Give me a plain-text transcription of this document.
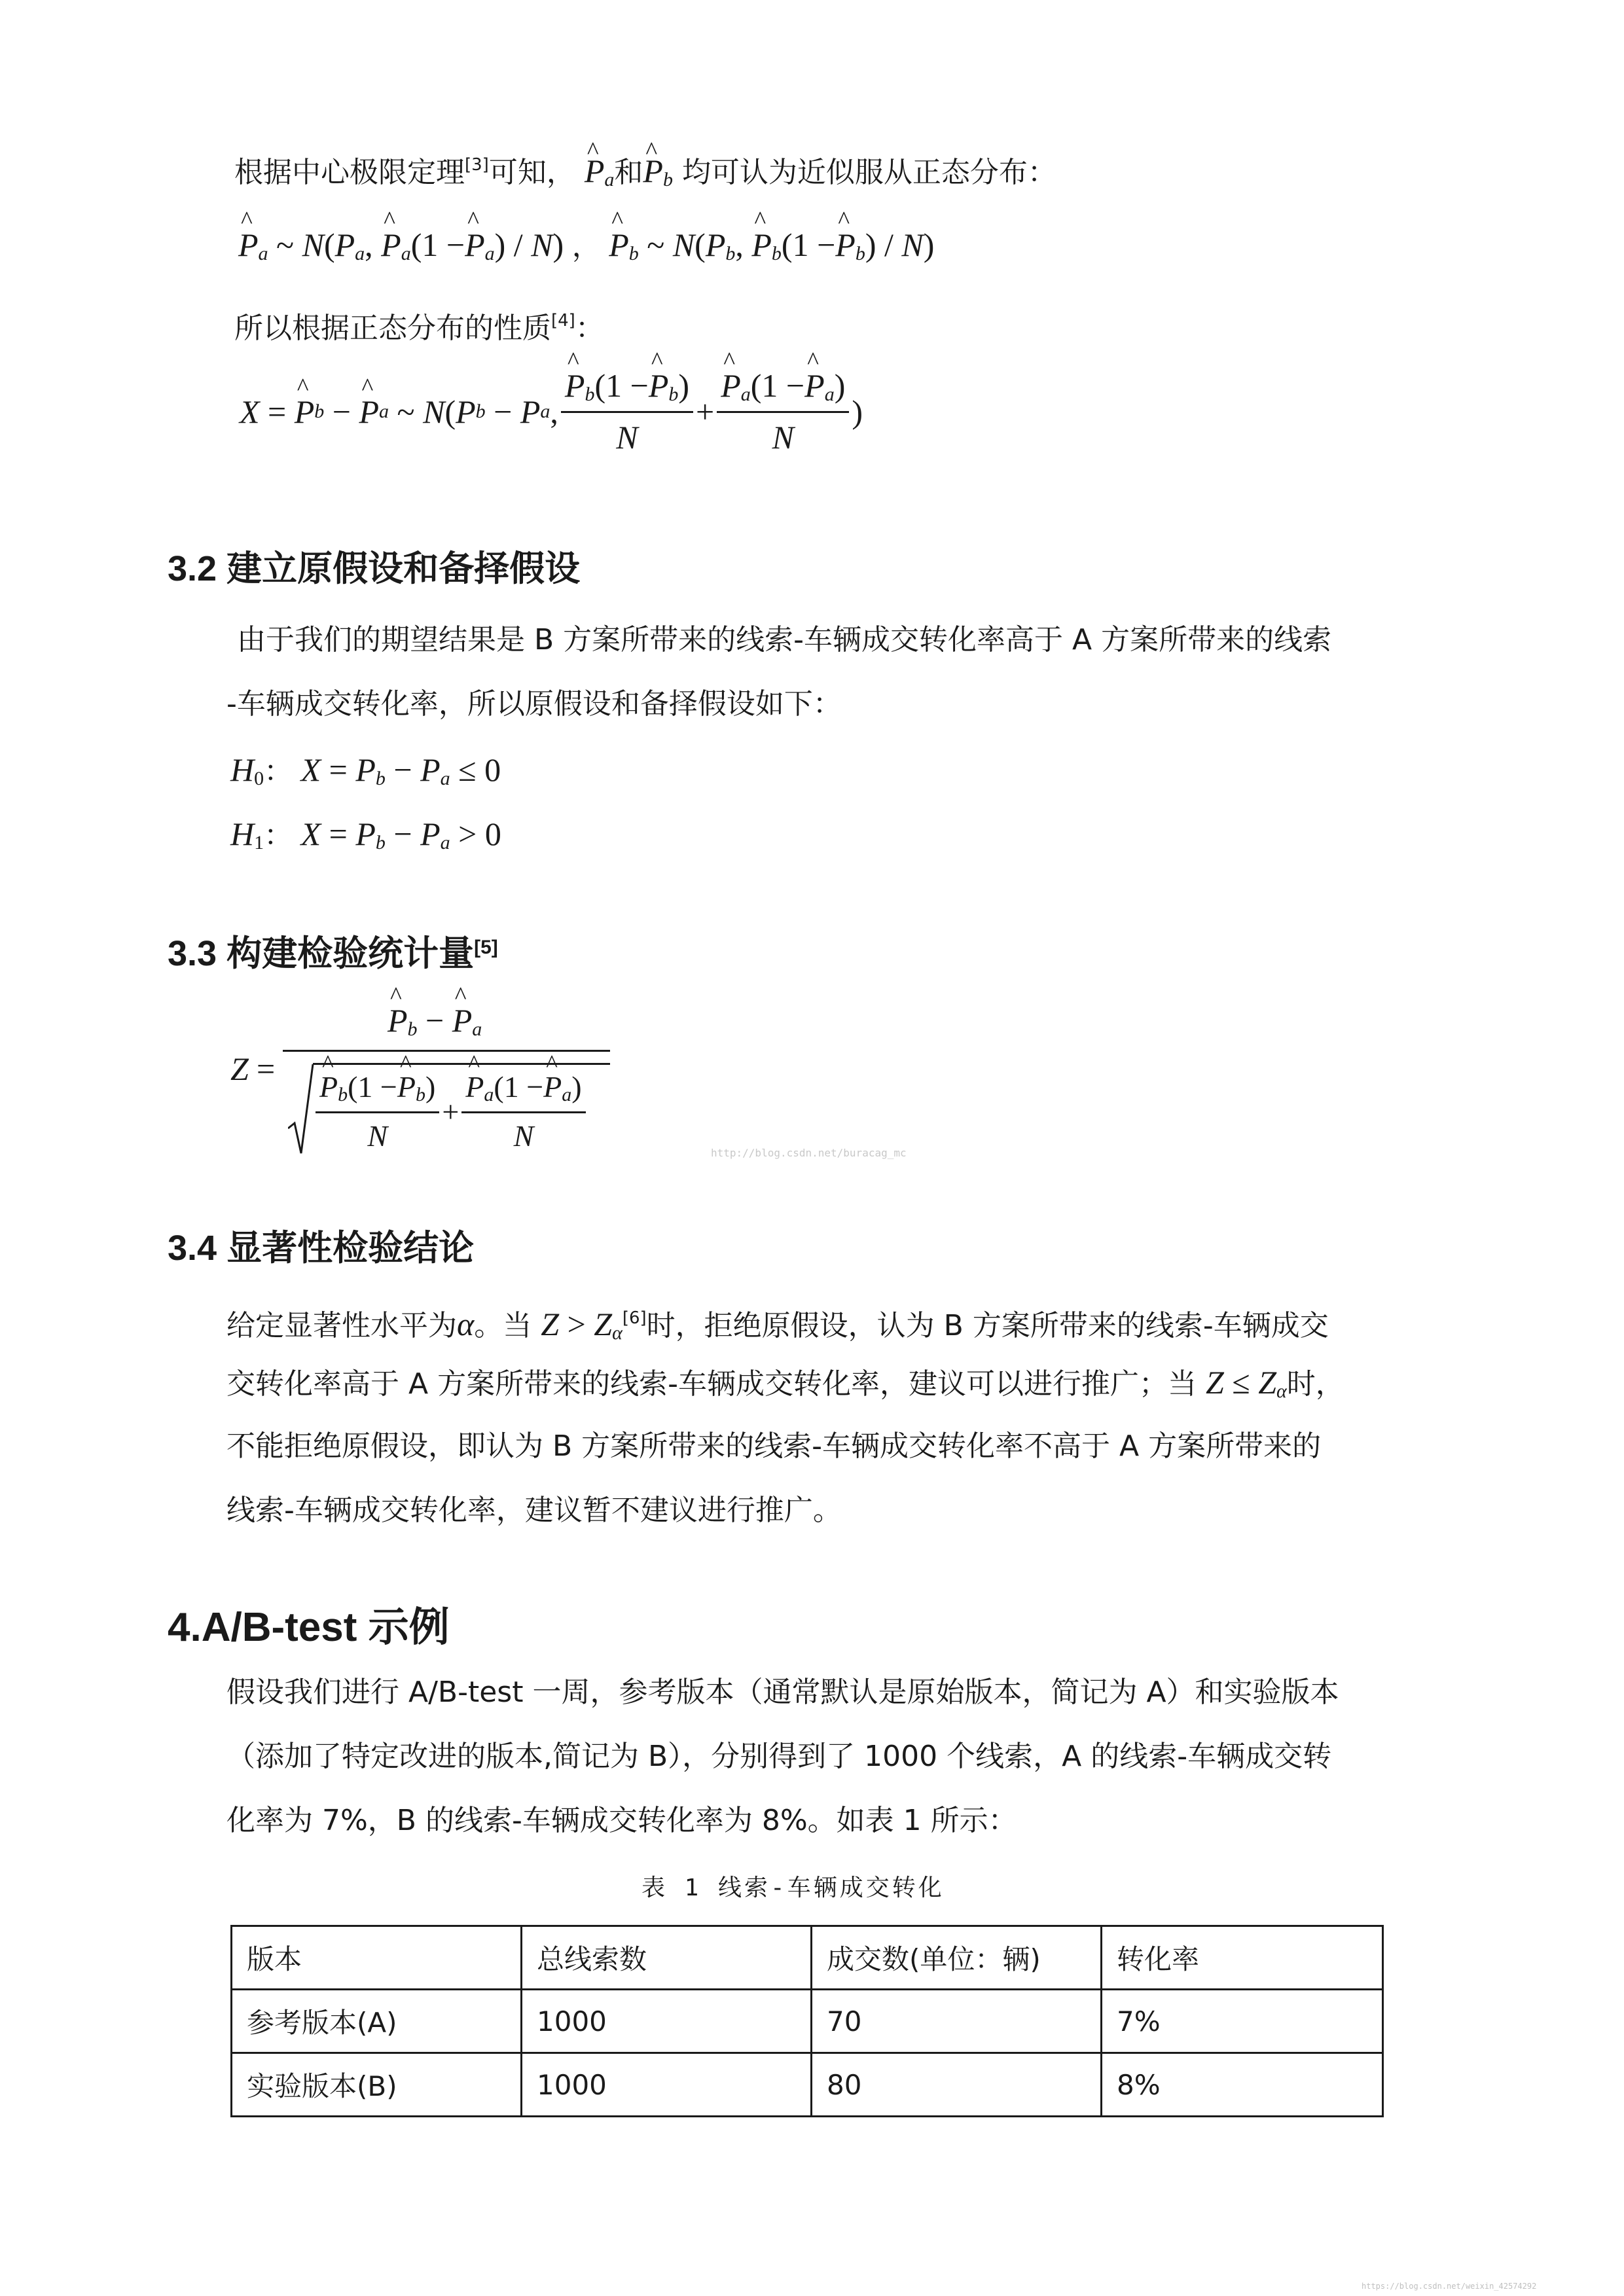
根据中心极限定理[3]可知， ^ $P_a$和^ $P_b$ 均可认为近似服从正态分布：
^ $P_a$ ~ $N(P_a$, ^ $P_a(1$ −^ $P_a) / N$) ， ^ $P_b$ ~ $N(P_b$, ^ $P_b(1$ −^ $P_b) / N$)
所以根据正态分布的性质[4]：
X
=
^ P b
−
^ P a
~
N ( P b
−
P a , ^ $\frac{P_b(1 -\^{} P_b)}{N}$ + ^ $\frac{P_a(1 -\^{} P_a)}{N}$ )
3.2 建立原假设和备择假设
由于我们的期望结果是 B 方案所带来的线索-车辆成交转化率高于 A 方案所带来的线索
-车辆成交转化率，所以原假设和备择假设如下：
H0： $X = P_b - P_a \le 0$
H1： $X = P_b - P_a > 0$
3.3 构建检验统计量[5]
Z =
^ $P_b$ − ^ $P_a$
^ $\frac{P_b(1 -\^{} P_b)}{N}$ + ^ $\frac{P_a(1 -\^{} P_a)}{N}$	http://blog.csdn.net/buracag_mc
3.4 显著性检验结论
给定显著性水平为α。当 $Z > Z_\alpha[6]$时，拒绝原假设，认为 B 方案所带来的线索-车辆成交
交转化率高于 A 方案所带来的线索-车辆成交转化率，建议可以进行推广；当 $Z \le Z_\alpha$时，
不能拒绝原假设，即认为 B 方案所带来的线索-车辆成交转化率不高于 A 方案所带来的
线索-车辆成交转化率，建议暂不建议进行推广。
4.A/B-test 示例
假设我们进行 A/B-test 一周，参考版本（通常默认是原始版本，简记为 A）和实验版本
（添加了特定改进的版本,简记为 B），分别得到了 1000 个线索，A 的线索-车辆成交转
化率为 7%，B 的线索-车辆成交转化率为 8%。如表 1 所示：
表 1 线索-车辆成交转化
版本	总线索数	成交数(单位：辆)	转化率
参考版本(A)	1000	70	7%
实验版本(B)	1000	80	8%
https://blog.csdn.net/weixin_42574292
